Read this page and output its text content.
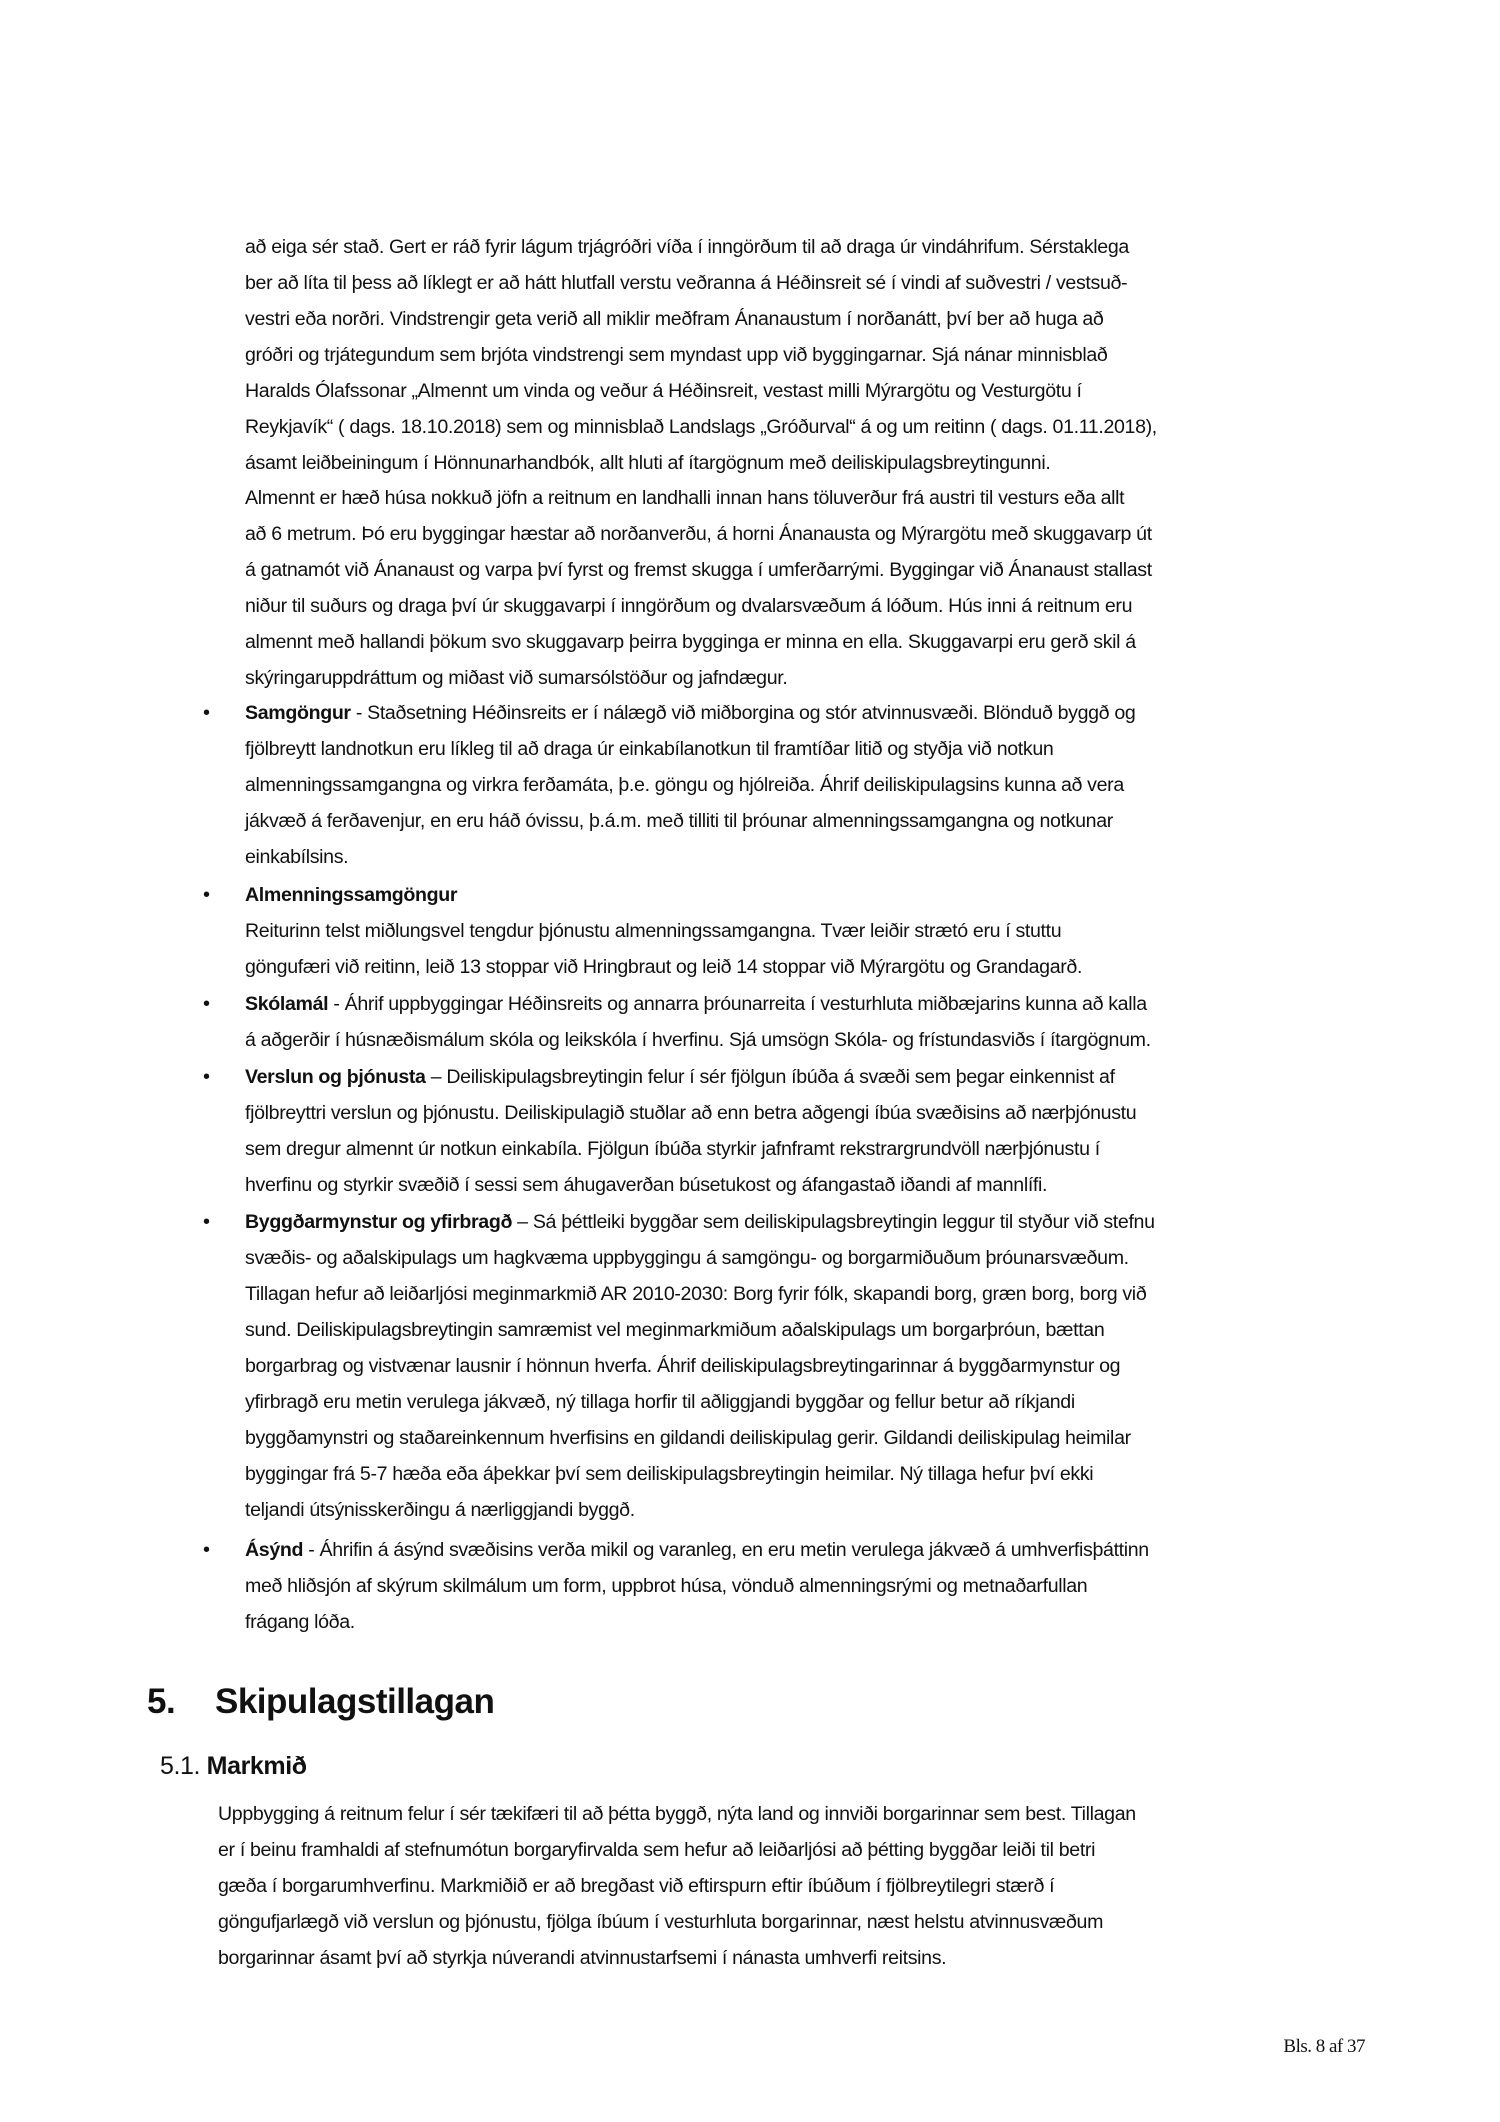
að eiga sér stað. Gert er ráð fyrir lágum trjágróðri víða í inngörðum til að draga úr vindáhrifum. Sérstaklega
ber að líta til þess að líklegt er að hátt hlutfall verstu veðranna á Héðinsreit sé í vindi af suðvestri / vestsuð-
vestri eða norðri. Vindstrengir geta verið all miklir meðfram Ánanaustum í norðanátt, því ber að huga að
gróðri og trjátegundum sem brjóta vindstrengi sem myndast upp við byggingarnar. Sjá nánar minnisblað
Haralds Ólafssonar „Almennt um vinda og veður á Héðinsreit, vestast milli Mýrargötu og Vesturgötu í
Reykjavík“ ( dags. 18.10.2018) sem og minnisblað Landslags „Gróðurval“ á og um reitinn ( dags. 01.11.2018),
ásamt leiðbeiningum í Hönnunarhandbók, allt hluti af ítargögnum með deiliskipulagsbreytingunni.
Almennt er hæð húsa nokkuð jöfn a reitnum en landhalli innan hans töluverður frá austri til vesturs eða allt
að 6 metrum. Þó eru byggingar hæstar að norðanverðu, á horni Ánanausta og Mýrargötu með skuggavarp út
á gatnamót við Ánanaust og varpa því fyrst og fremst skugga í umferðarrými. Byggingar við Ánanaust stallast
niður til suðurs og draga því úr skuggavarpi í inngörðum og dvalarsvæðum á lóðum. Hús inni á reitnum eru
almennt með hallandi þökum svo skuggavarp þeirra bygginga er minna en ella. Skuggavarpi eru gerð skil á
skýringaruppdráttum og miðast við sumarsólstöður og jafndægur.
• Samgöngur - Staðsetning Héðinsreits er í nálægð við miðborgina og stór atvinnusvæði. Blönduð byggð og
fjölbreytt landnotkun eru líkleg til að draga úr einkabílanotkun til framtíðar litið og styðja við notkun
almenningssamgangna og virkra ferðamáta, þ.e. göngu og hjólreiða. Áhrif deiliskipulagsins kunna að vera
jákvæð á ferðavenjur, en eru háð óvissu, þ.á.m. með tilliti til þróunar almenningssamgangna og notkunar
einkabílsins.
• Almenningssamgöngur
Reiturinn telst miðlungsvel tengdur þjónustu almenningssamgangna. Tvær leiðir strætó eru í stuttu
göngufæri við reitinn, leið 13 stoppar við Hringbraut og leið 14 stoppar við Mýrargötu og Grandagarð.
• Skólamál - Áhrif uppbyggingar Héðinsreits og annarra þróunarreita í vesturhluta miðbæjarins kunna að kalla
á aðgerðir í húsnæðismálum skóla og leikskóla í hverfinu. Sjá umsögn Skóla- og frístundasviðs í ítargögnum.
• Verslun og þjónusta – Deiliskipulagsbreytingin felur í sér fjölgun íbúða á svæði sem þegar einkennist af
fjölbreyttri verslun og þjónustu. Deiliskipulagið stuðlar að enn betra aðgengi íbúa svæðisins að nærþjónustu
sem dregur almennt úr notkun einkabíla. Fjölgun íbúða styrkir jafnframt rekstrargrundvöll nærþjónustu í
hverfinu og styrkir svæðið í sessi sem áhugaverðan búsetukost og áfangastað iðandi af mannlífi.
• Byggðarmynstur og yfirbragð – Sá þéttleiki byggðar sem deiliskipulagsbreytingin leggur til styður við stefnu
svæðis- og aðalskipulags um hagkvæma uppbyggingu á samgöngu- og borgarmiðuðum þróunarsvæðum.
Tillagan hefur að leiðarljósi meginmarkmið AR 2010-2030: Borg fyrir fólk, skapandi borg, græn borg, borg við
sund. Deiliskipulagsbreytingin samræmist vel meginmarkmiðum aðalskipulags um borgarþróun, bættan
borgarbrag og vistvænar lausnir í hönnun hverfa. Áhrif deiliskipulagsbreytingarinnar á byggðarmynstur og
yfirbragð eru metin verulega jákvæð, ný tillaga horfir til aðliggjandi byggðar og fellur betur að ríkjandi
byggðamynstri og staðareinkennum hverfisins en gildandi deiliskipulag gerir. Gildandi deiliskipulag heimilar
byggingar frá 5-7 hæða eða áþekkar því sem deiliskipulagsbreytingin heimilar. Ný tillaga hefur því ekki
teljandi útsýnisskerðingu á nærliggjandi byggð.
• Ásýnd - Áhrifin á ásýnd svæðisins verða mikil og varanleg, en eru metin verulega jákvæð á umhverfisþáttinn
með hliðsjón af skýrum skilmálum um form, uppbrot húsa, vönduð almenningsrými og metnaðarfullan
frágang lóða.
5. Skipulagstillagan
5.1. Markmið
Uppbygging á reitnum felur í sér tækifæri til að þétta byggð, nýta land og innviði borgarinnar sem best. Tillagan
er í beinu framhaldi af stefnumótun borgaryfirvalda sem hefur að leiðarljósi að þétting byggðar leiði til betri
gæða í borgarumhverfinu. Markmiðið er að bregðast við eftirspurn eftir íbúðum í fjölbreytilegri stærð í
göngufjarlægð við verslun og þjónustu, fjölga íbúum í vesturhluta borgarinnar, næst helstu atvinnusvæðum
borgarinnar ásamt því að styrkja núverandi atvinnustarfsemi í nánasta umhverfi reitsins.
Bls. 8 af 37
